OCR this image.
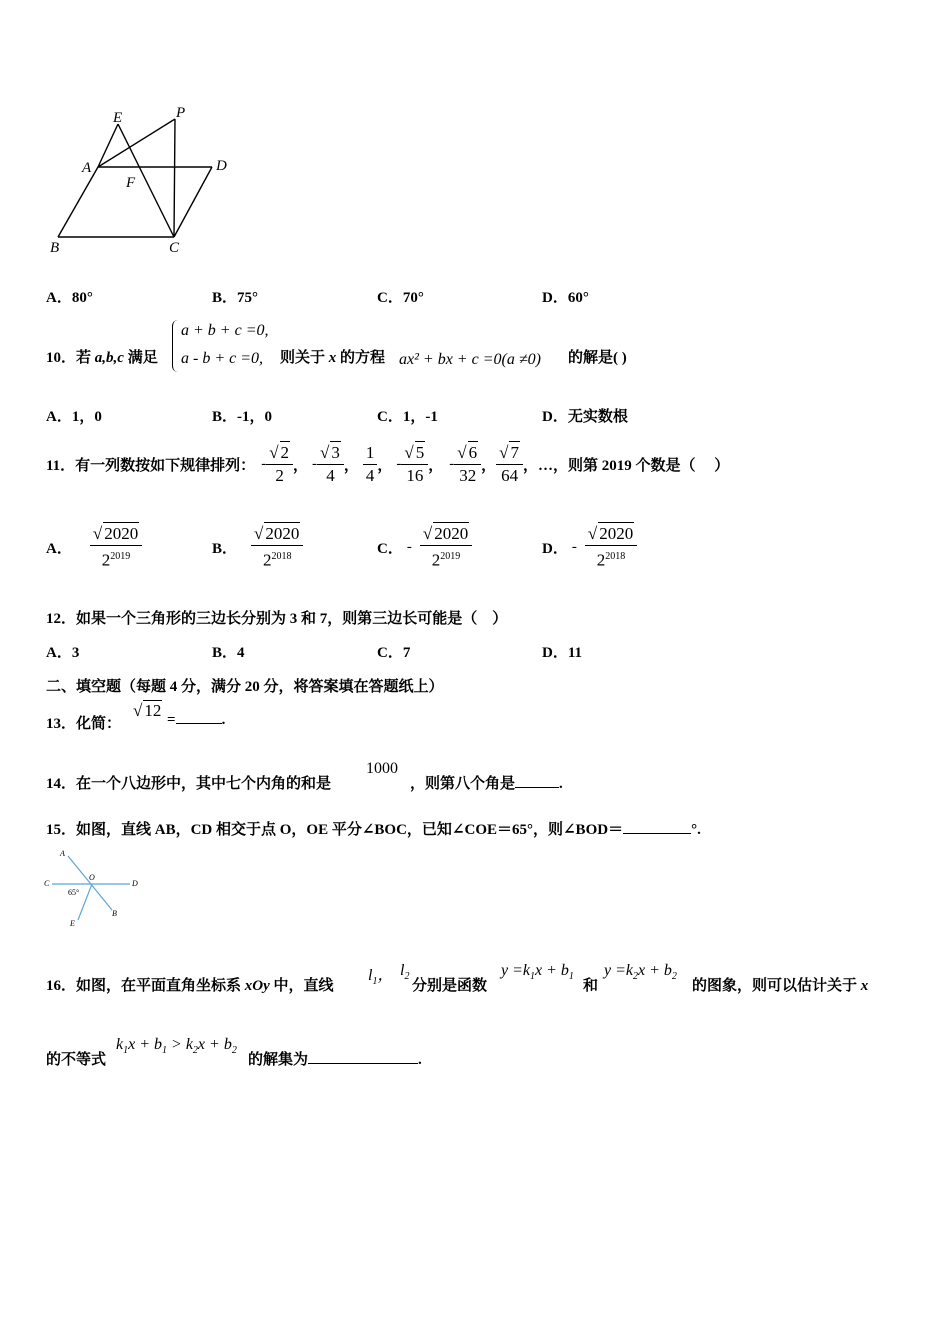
E	P
A	D
F
B	C
A．80°	B．75°	C．70°	D．60°
10．若 a,b,c 满足
a + b + c =0,
a - b + c =0, 则关于 x 的方程 ax² + bx + c =0(a ≠0) 的解是( )
A．1，0	B．-1，0	C．1，-1	D．无实数根
11．有一列数按如下规律排列： - $\frac{√ 2}{2}$ ， - $\frac{√ 3}{4}$ ， $\frac{1}{4}$ ， - $\frac{√ 5}{16}$ ， - $\frac{√ 6}{32}$ ， $\frac{√ 7}{64}$ ， …，则第 2019 个数是（　 ）
A． $\frac{√ 2020}{2^{2019}}$	B． $\frac{√ 2020}{2^{2018}}$	C． - $\frac{√ 2020}{2^{2019}}$	D． - $\frac{√ 2020}{2^{2018}}$
12．如果一个三角形的三边长分别为 3 和 7，则第三边长可能是（　）
A．3	B．4	C．7	D．11
二、填空题（每题 4 分，满分 20 分，将答案填在答题纸上）
13．化简：
√ 12 =	.
14．在一个八边形中，其中七个内角的和是
1000
，则第八个角是	.
15．如图，直线 AB，CD 相交于点 O，OE 平分∠BOC，已知∠COE＝65°，则∠BOD＝	°.
A
C
O
D
65°
E
B
16．如图，在平面直角坐标系 xOy 中，直线
$l_1$， $l_2$
分别是函数
$y =k_1x + b_1$
和
$y =k_2x + b_2$
的图象，则可以估计关于 x
的不等式
$k_1x + b_1 > k_2x + b_2$
的解集为	.
